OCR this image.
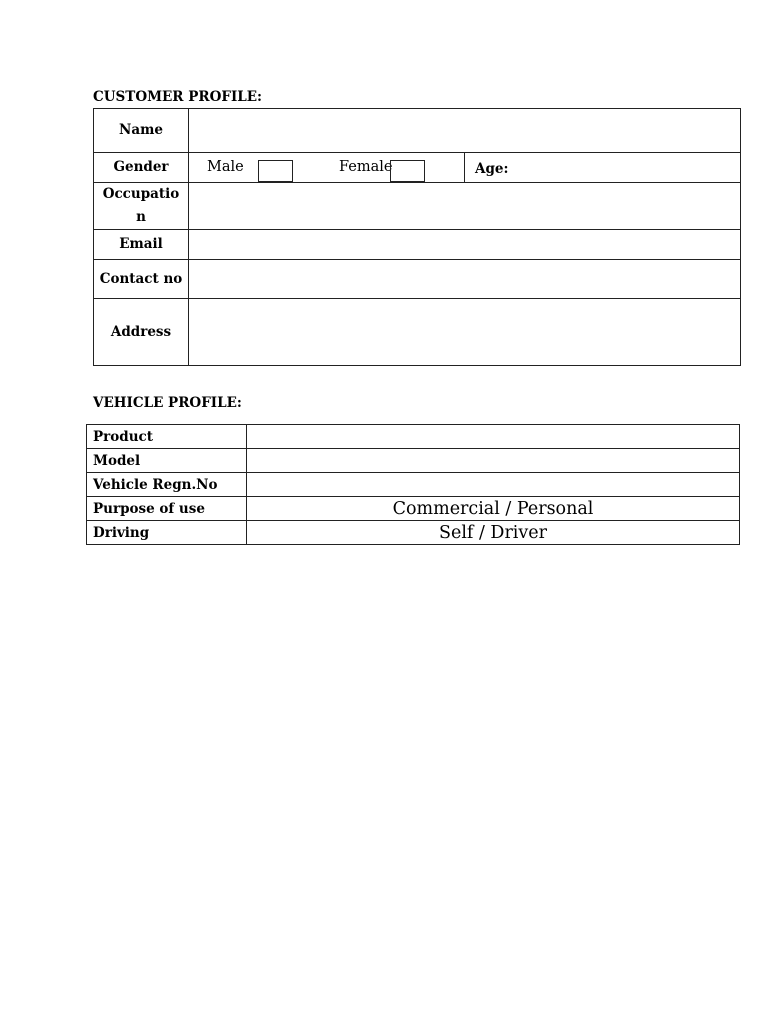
CUSTOMER PROFILE:
Name		
Gender	Male Female	Age:

Occupatio
n		

Email		
Contact no		
Address		
VEHICLE PROFILE:
Product	
Model	
Vehicle Regn.No	
Purpose of use	Commercial / Personal
Driving	Self / Driver
